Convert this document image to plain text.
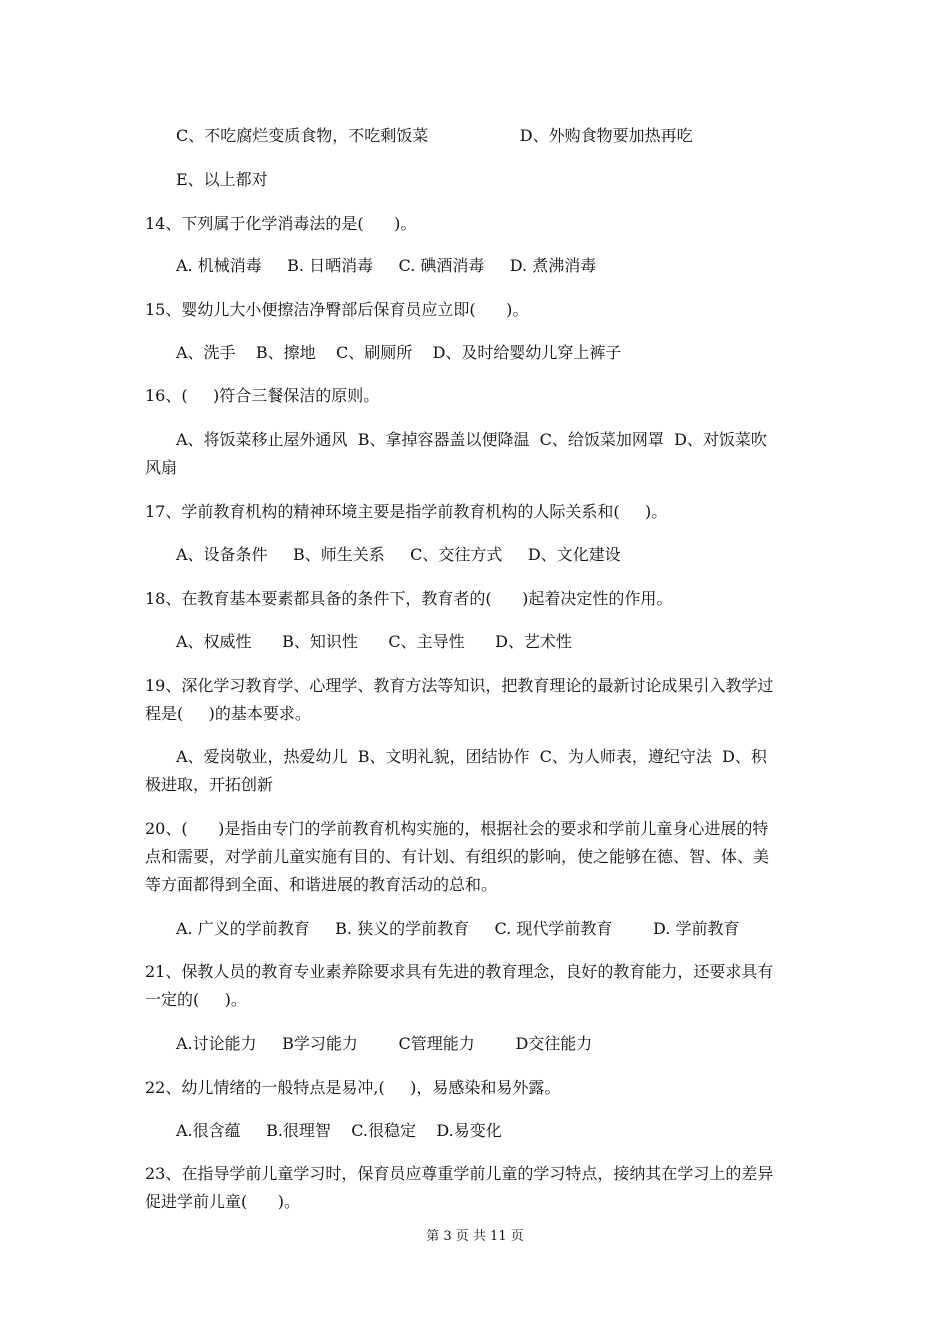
C、不吃腐烂变质食物，不吃剩饭菜                  D、外购食物要加热再吃
E、以上都对
14、下列属于化学消毒法的是(      )。
A. 机械消毒     B. 日晒消毒     C. 碘酒消毒     D. 煮沸消毒
15、婴幼儿大小便擦洁净臀部后保育员应立即(      )。
A、洗手    B、擦地    C、刷厕所    D、及时给婴幼儿穿上裤子
16、(     )符合三餐保洁的原则。
A、将饭菜移止屋外通风  B、拿掉容器盖以便降温  C、给饭菜加网罩  D、对饭菜吹
风扇
17、学前教育机构的精神环境主要是指学前教育机构的人际关系和(     )。
A、设备条件     B、师生关系     C、交往方式     D、文化建设
18、在教育基本要素都具备的条件下，教育者的(      )起着决定性的作用。
A、权威性      B、知识性      C、主导性      D、艺术性
19、深化学习教育学、心理学、教育方法等知识，把教育理论的最新讨论成果引入教学过
程是(     )的基本要求。
A、爱岗敬业，热爱幼儿  B、文明礼貌，团结协作  C、为人师表，遵纪守法  D、积
极进取，开拓创新
20、(      )是指由专门的学前教育机构实施的，根据社会的要求和学前儿童身心进展的特
点和需要，对学前儿童实施有目的、有计划、有组织的影响，使之能够在德、智、体、美
等方面都得到全面、和谐进展的教育活动的总和。
A. 广义的学前教育     B. 狭义的学前教育     C. 现代学前教育        D. 学前教育
21、保教人员的教育专业素养除要求具有先进的教育理念，良好的教育能力，还要求具有
一定的(     )。
A.讨论能力     B学习能力        C管理能力        D交往能力
22、幼儿情绪的一般特点是易冲,(     )，易感染和易外露。
A.很含蕴     B.很理智    C.很稳定    D.易变化
23、在指导学前儿童学习时，保育员应尊重学前儿童的学习特点，接纳其在学习上的差异
促进学前儿童(      )。
第 3 页 共 11 页
